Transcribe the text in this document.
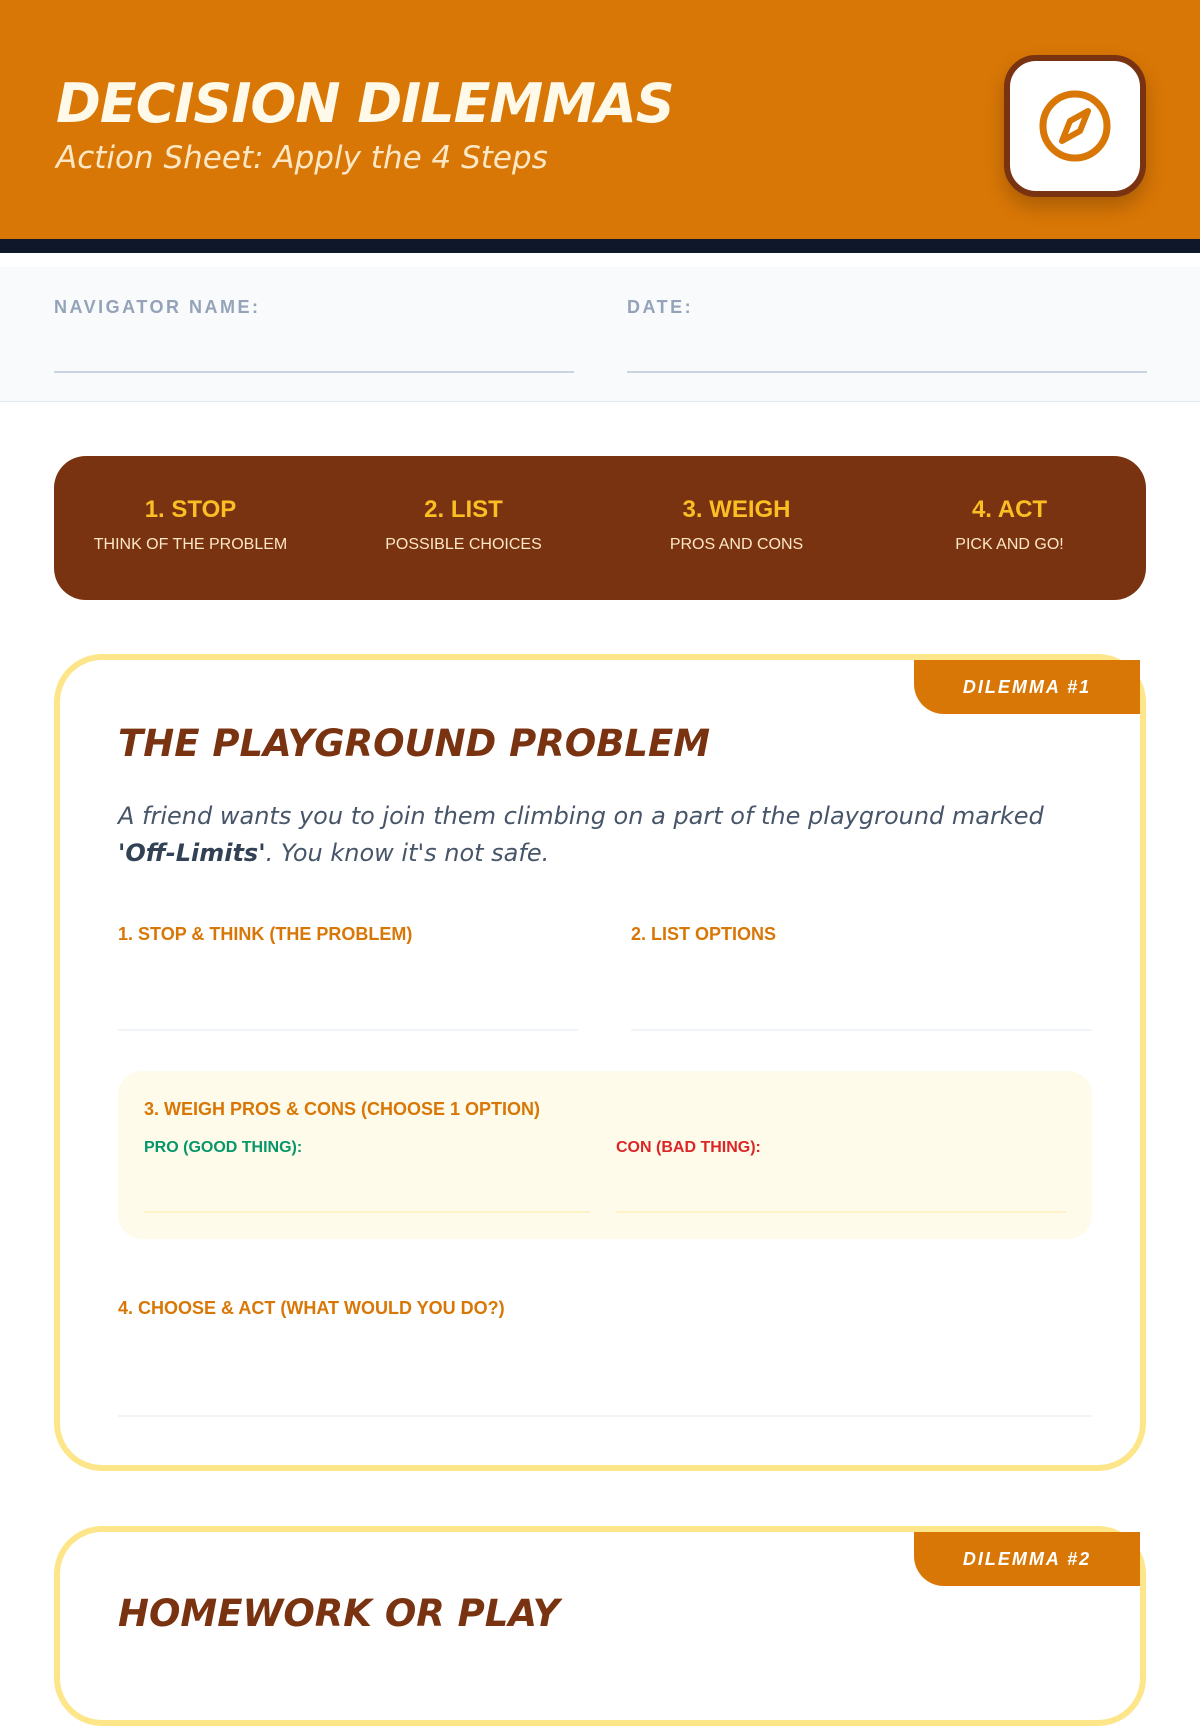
DECISION DILEMMAS
Action Sheet: Apply the 4 Steps
NAVIGATOR NAME:	DATE:
1. STOP
THINK OF THE PROBLEM
2. LIST
POSSIBLE CHOICES
3. WEIGH
PROS AND CONS
4. ACT
PICK AND GO!
DILEMMA #1
THE PLAYGROUND PROBLEM
A friend wants you to join them climbing on a part of the playground marked 'Off-Limits'. You know it's not safe.
1. STOP & THINK (THE PROBLEM)	2. LIST OPTIONS
3. WEIGH PROS & CONS (CHOOSE 1 OPTION)
PRO (GOOD THING):	CON (BAD THING):
4. CHOOSE & ACT (WHAT WOULD YOU DO?)
DILEMMA #2
HOMEWORK OR PLAY
